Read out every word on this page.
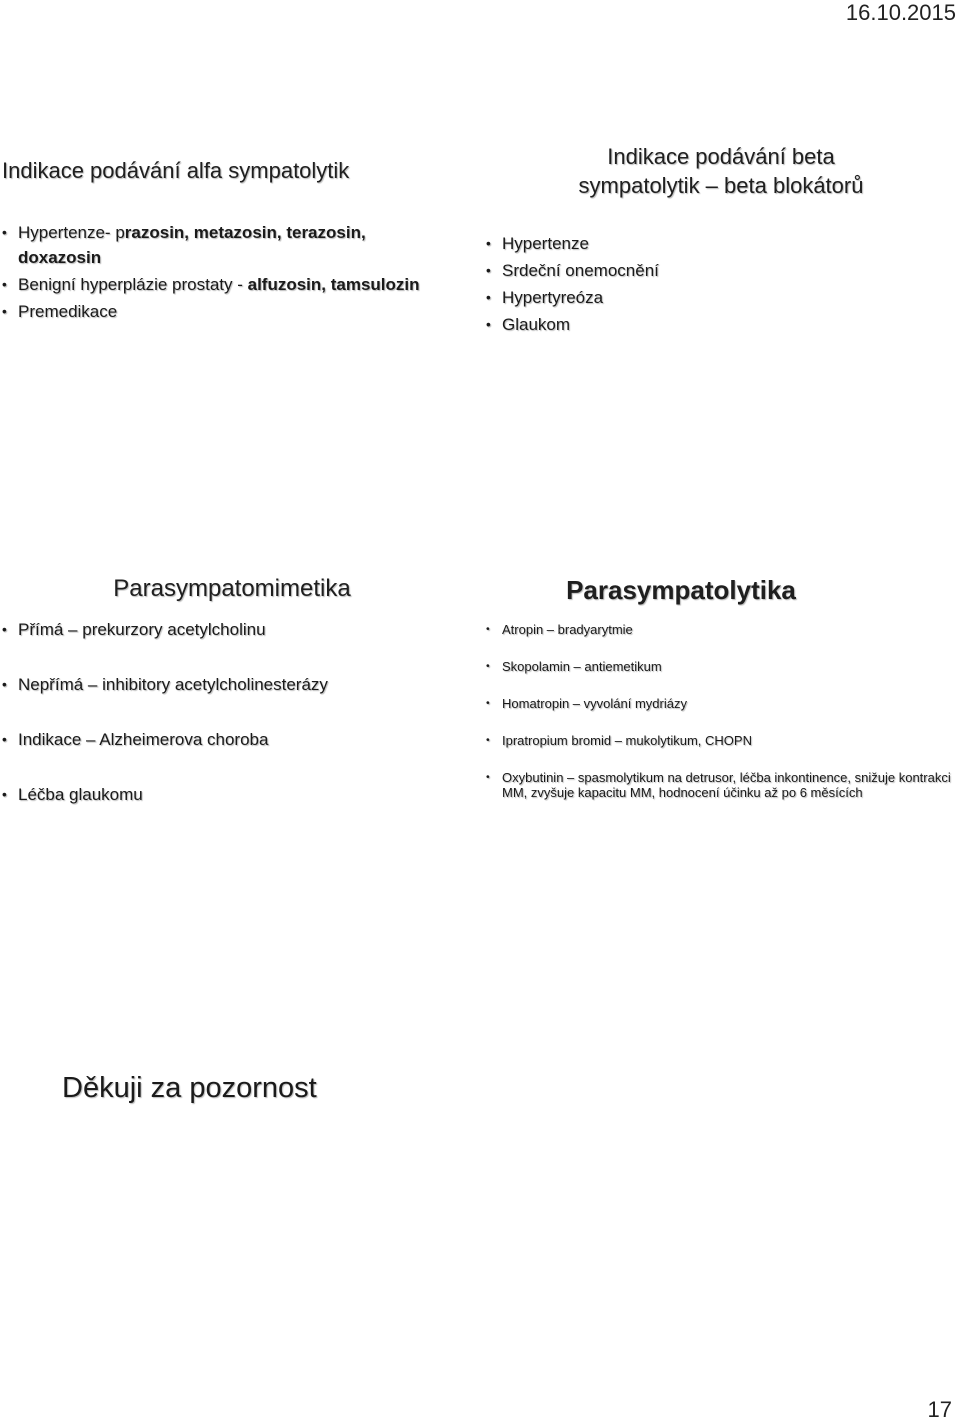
16.10.2015
Indikace podávání alfa sympatolytik
• Hypertenze- prazosin, metazosin, terazosin, doxazosin
• Benigní hyperplázie prostaty - alfuzosin, tamsulozin
• Premedikace
Indikace podávání beta
sympatolytik – beta blokátorů
• Hypertenze
• Srdeční onemocnění
• Hypertyreóza
• Glaukom
Parasympatomimetika
• Přímá – prekurzory acetylcholinu
• Nepřímá – inhibitory acetylcholinesterázy
• Indikace – Alzheimerova choroba
• Léčba glaukomu
Parasympatolytika
• Atropin – bradyarytmie
• Skopolamin – antiemetikum
• Homatropin – vyvolání mydriázy
• Ipratropium bromid – mukolytikum, CHOPN
• Oxybutinin – spasmolytikum na detrusor, léčba inkontinence, snižuje kontrakci MM, zvyšuje kapacitu MM, hodnocení účinku až po 6 měsících
Děkuji za pozornost
17
